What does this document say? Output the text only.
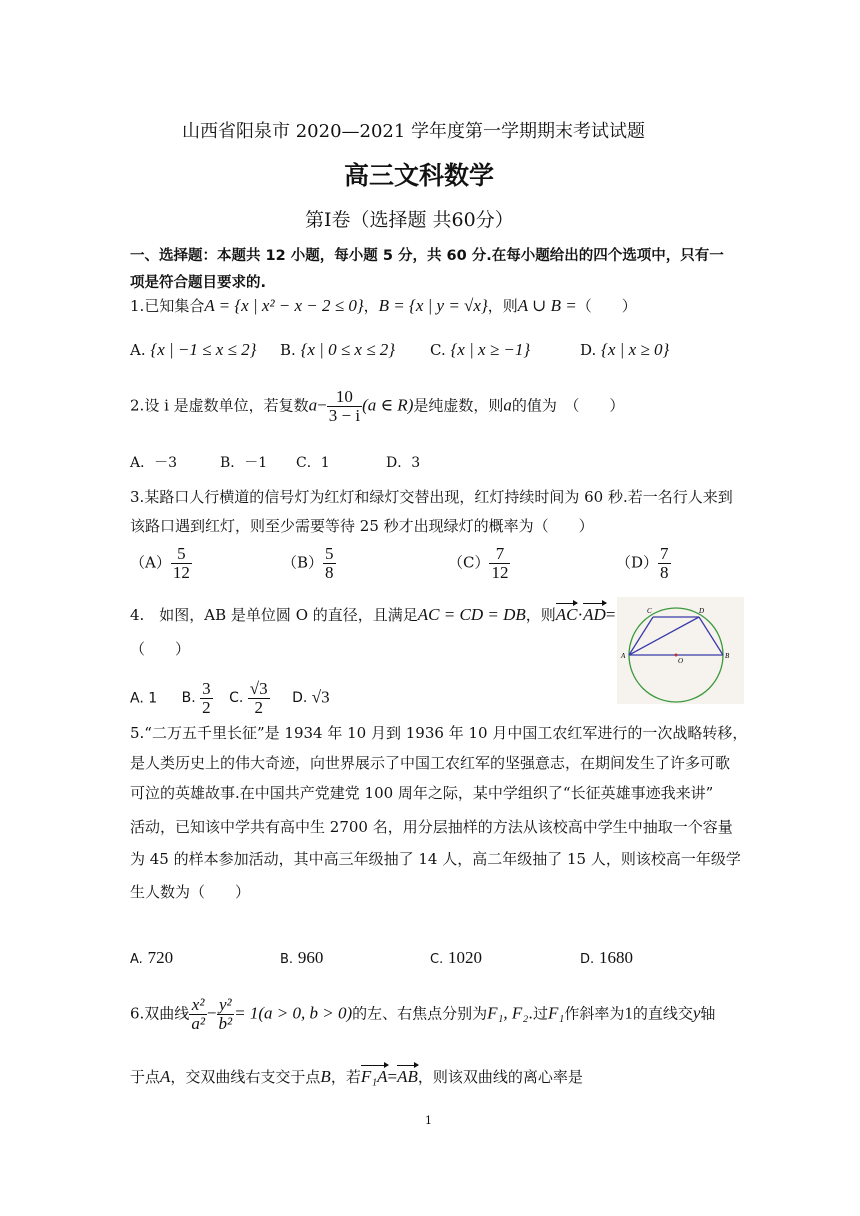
山西省阳泉市 2020—2021 学年度第一学期期末考试试题
高三文科数学
第Ⅰ卷（选择题 共60分）
一、选择题：本题共 12 小题，每小题 5 分，共 60 分.在每小题给出的四个选项中，只有一
项是符合题目要求的.
1.已知集合A = {x | x² − x − 2 ≤ 0}，B = {x | y = √x}，则A ∪ B =（　　）
A. {x | −1 ≤ x ≤ 2} B. {x | 0 ≤ x ≤ 2} C. {x | x ≥ −1}	D. {x | x ≥ 0}
2.设 i 是虚数单位，若复数$a- \frac{10}{3 - i} (a$ ∈ R)是纯虚数，则a的值为　（　　）
A．－3	B．－1 C．1	D．3
3.某路口人行横道的信号灯为红灯和绿灯交替出现，红灯持续时间为 60 秒.若一名行人来到
该路口遇到红灯，则至少需要等待 25 秒才出现绿灯的概率为（　　）
$(A) \frac{5}{12}$	$(B) \frac{5}{8}$	$(C) \frac{7}{12}$	$(D) \frac{7}{8}$
4.　如图，AB 是单位圆 O 的直径，且满足AC = CD = DB，则AC·AD=
（　　）
A. 1 B. $\frac{3}{2} C$. $\frac{√3}{2} D$. √3
C	D
A
O
B
5.“二万五千里长征”是 1934 年 10 月到 1936 年 10 月中国工农红军进行的一次战略转移，
是人类历史上的伟大奇迹，向世界展示了中国工农红军的坚强意志，在期间发生了许多可歌
可泣的英雄故事.在中国共产党建党 100 周年之际，某中学组织了“长征英雄事迹我来讲”
活动，已知该中学共有高中生 2700 名，用分层抽样的方法从该校高中学生中抽取一个容量
为 45 的样本参加活动，其中高三年级抽了 14 人，高二年级抽了 15 人，则该校高一年级学
生人数为（　　）
A. 720	B. 960	C. 1020	D. 1680
6.双曲线 $\frac{\text{x²}}{\text{a²}} - \frac{\text{y²}}{\text{b²}} = 1(a > 0$, b > 0)的左、右焦点分别为F₁, F₂.过F₁作斜率为1的直线交y轴
于点A，交双曲线右支交于点B，若F₁A=AB，则该双曲线的离心率是
1
